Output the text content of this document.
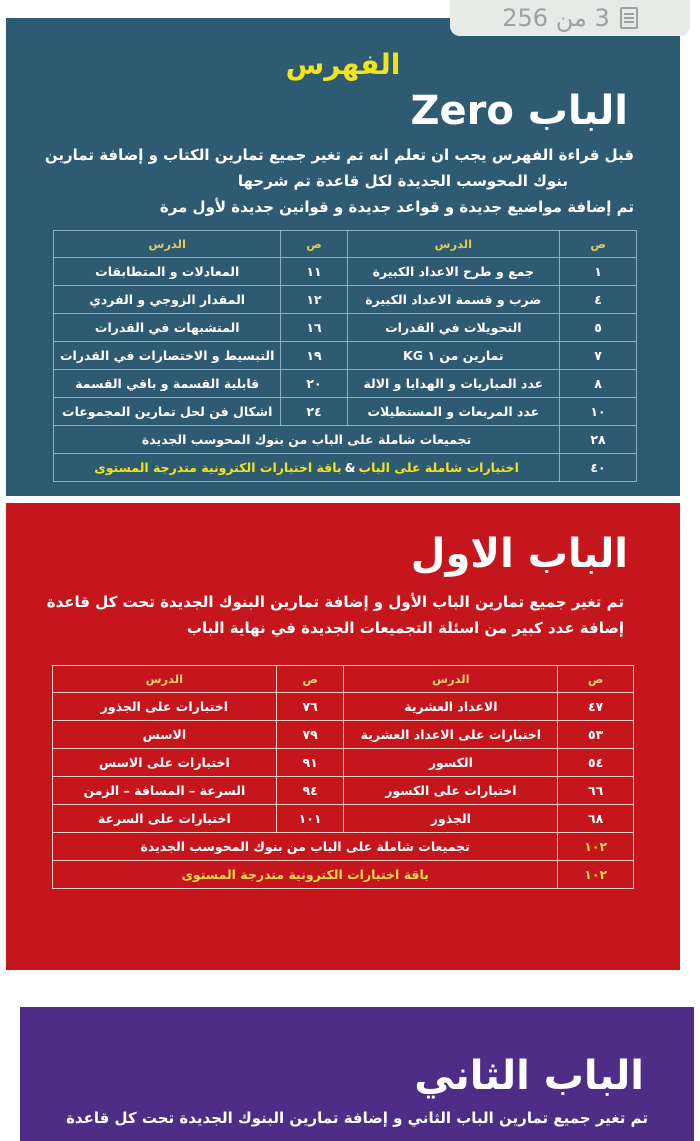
3 من 256
الفهرس
الباب Zero
قبل قراءة الفهرس يجب ان تعلم انه تم تغير جميع تمارين الكتاب و إضافة تمارين
بنوك المحوسب الجديدة لكل قاعدة تم شرحها
تم إضافة مواضيع جديدة و قواعد جديدة و قوانين جديدة لأول مرة
ص	الدرس	ص	الدرس
١	جمع و طرح الاعداد الكبيرة	١١	المعادلات و المتطابقات
٤	ضرب و قسمة الاعداد الكبيرة	١٢	المقدار الزوجي و الفردي
٥	التحويلات في القدرات	١٦	المتشبهات في القدرات
٧	تمارين من ١ KG	١٩	التبسيط و الاختصارات في القدرات
٨	عدد المباريات و الهدايا و الالة	٢٠	قابلية القسمة و باقي القسمة
١٠	عدد المربعات و المستطيلات	٢٤	اشكال فن لحل تمارين المجموعات
٢٨	تجميعات شاملة على الباب من بنوك المحوسب الجديدة		
٤٠	اختبارات شاملة على الباب&باقة اختبارات الكترونية متدرجة المستوى		
الباب الاول
تم تغير جميع تمارين الباب الأول و إضافة تمارين البنوك الجديدة تحت كل قاعدة
إضافة عدد كبير من اسئلة التجميعات الجديدة في نهاية الباب
ص	الدرس	ص	الدرس
٤٧	الاعداد العشرية	٧٦	اختبارات على الجذور
٥٣	اختبارات على الاعداد العشرية	٧٩	الاسس
٥٤	الكسور	٩١	اختبارات على الاسس
٦٦	اختبارات على الكسور	٩٤	السرعة – المسافة – الزمن
٦٨	الجذور	١٠١	اختبارات على السرعة
١٠٢	تجميعات شاملة على الباب من بنوك المحوسب الجديدة		
١٠٢	باقة اختبارات الكترونية متدرجة المستوى		
الباب الثاني
تم تغير جميع تمارين الباب الثاني و إضافة تمارين البنوك الجديدة تحت كل قاعدة
